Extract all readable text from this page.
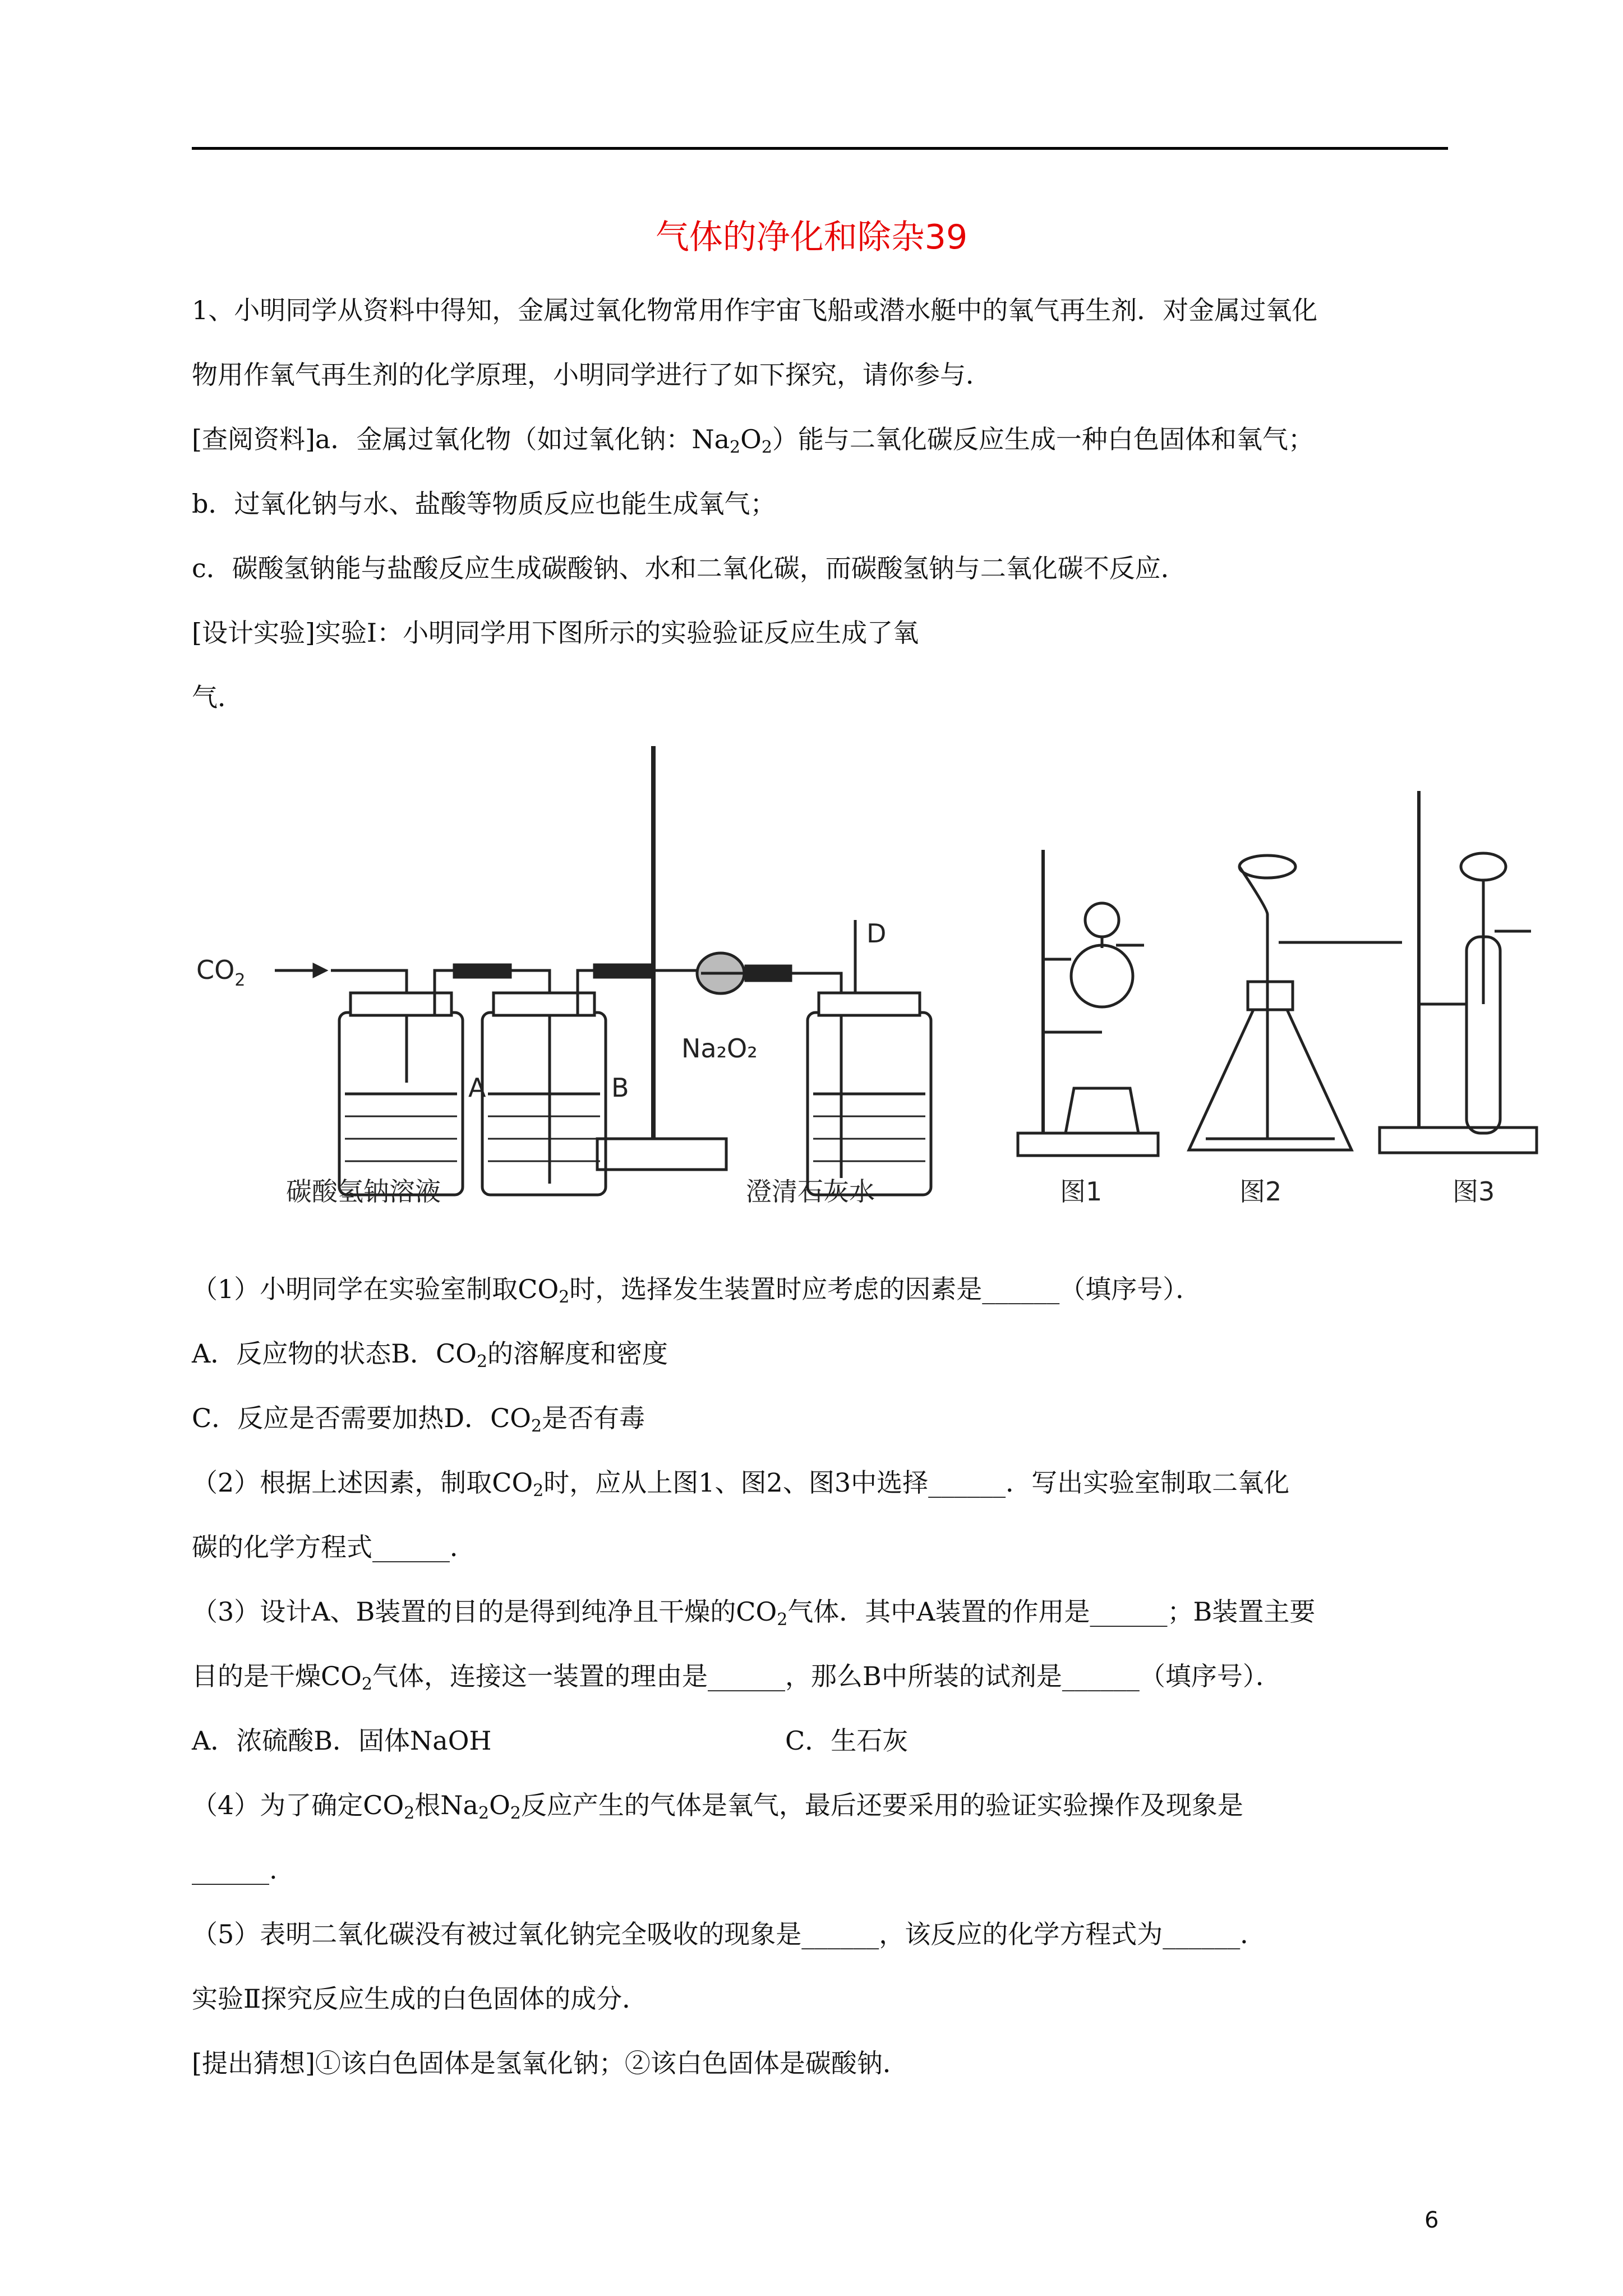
气体的净化和除杂39
1、小明同学从资料中得知，金属过氧化物常用作宇宙飞船或潜水艇中的氧气再生剂．对金属过氧化
物用作氧气再生剂的化学原理，小明同学进行了如下探究，请你参与．
[查阅资料]a．金属过氧化物（如过氧化钠：$Na_2O_2$）能与二氧化碳反应生成一种白色固体和氧气；
b．过氧化钠与水、盐酸等物质反应也能生成氧气；
c．碳酸氢钠能与盐酸反应生成碳酸钠、水和二氧化碳，而碳酸氢钠与二氧化碳不反应．
[设计实验]实验Ⅰ：小明同学用下图所示的实验验证反应生成了氧
气．
$CO_2$
A	B
D
Na₂O₂
碳酸氢钠溶液	澄清石灰水	图1	图2	图3
（1）小明同学在实验室制取$CO_2$时，选择发生装置时应考虑的因素是______（填序号）．
A．反应物的状态B．$CO_2$的溶解度和密度
C．反应是否需要加热D．$CO_2$是否有毒
（2）根据上述因素，制取$CO_2$时，应从上图1、图2、图3中选择______．写出实验室制取二氧化
碳的化学方程式______．
（3）设计A、B装置的目的是得到纯净且干燥的$CO_2$气体．其中A装置的作用是______；B装置主要
目的是干燥$CO_2$气体，连接这一装置的理由是______，那么B中所装的试剂是______（填序号）．
A．浓硫酸B．固体NaOH	C．生石灰
（4）为了确定$CO_2$根$Na_2O_2$反应产生的气体是氧气，最后还要采用的验证实验操作及现象是
______.
（5）表明二氧化碳没有被过氧化钠完全吸收的现象是______，该反应的化学方程式为______．
实验Ⅱ探究反应生成的白色固体的成分．
[提出猜想]①该白色固体是氢氧化钠；②该白色固体是碳酸钠．
6
